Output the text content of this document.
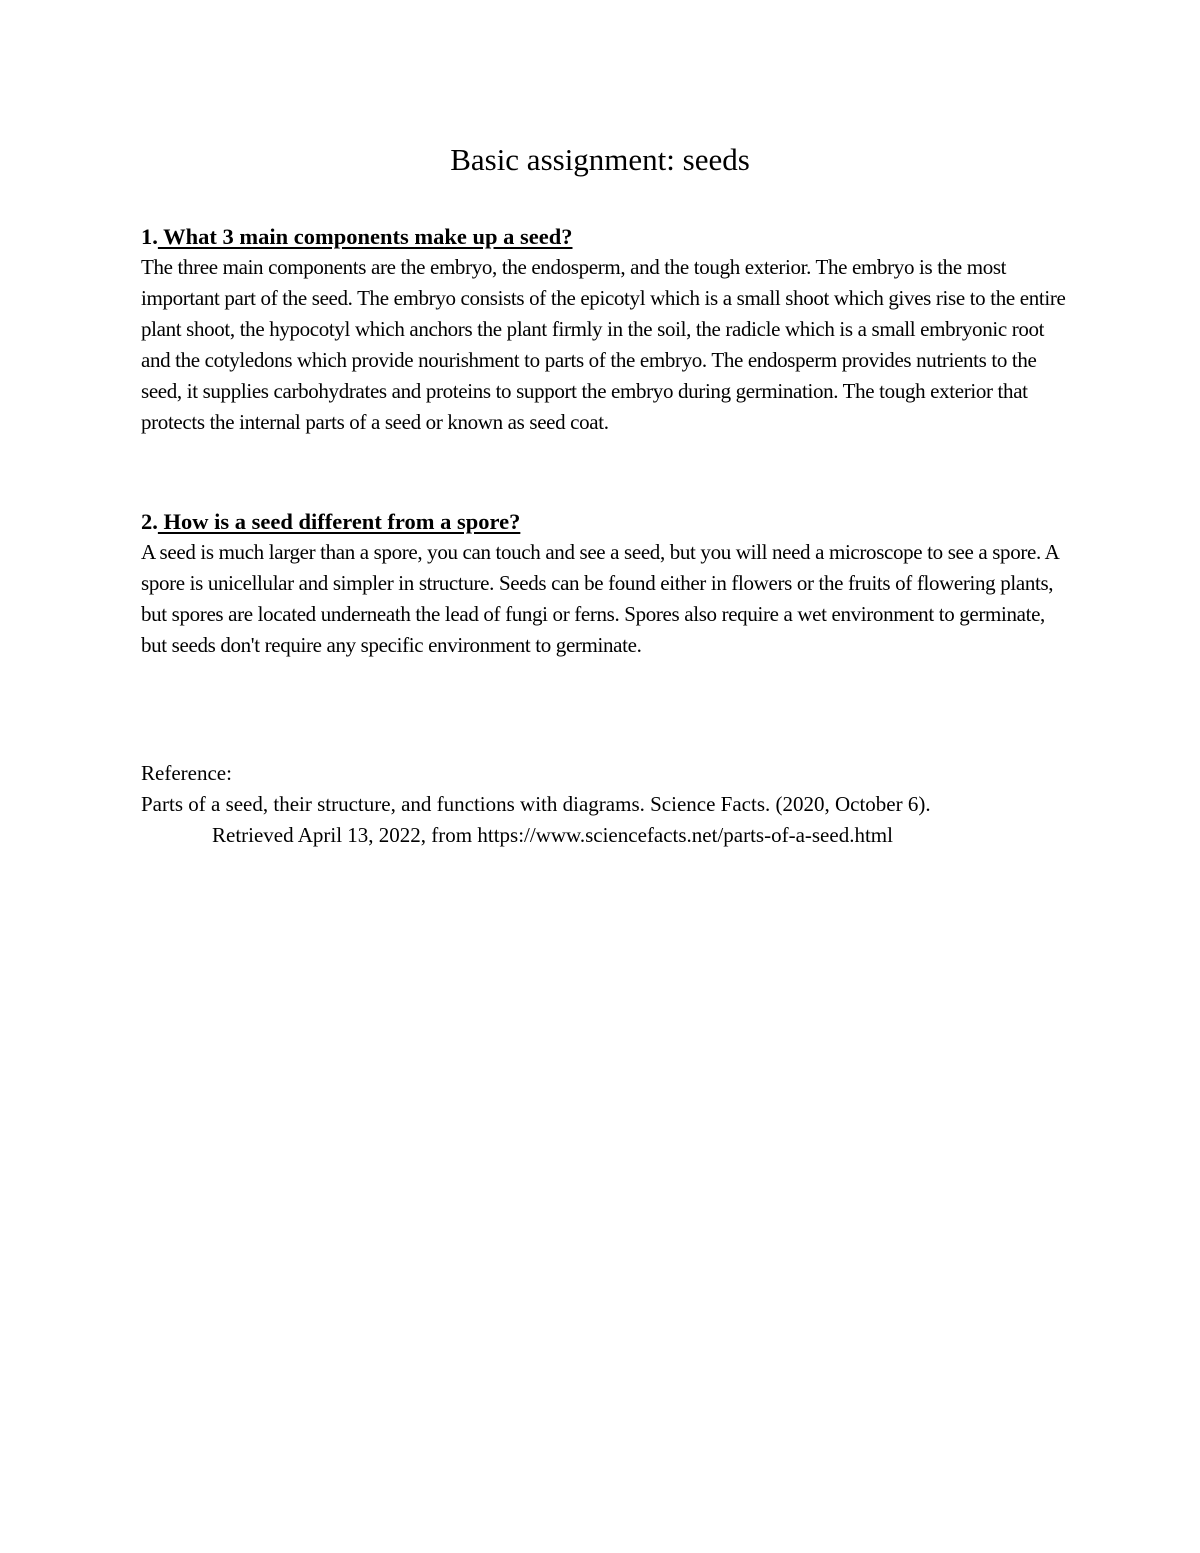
Basic assignment: seeds

1. What 3 main components make up a seed?

The three main components are the embryo, the endosperm, and the tough exterior. The embryo is the most important part of the seed. The embryo consists of the epicotyl which is a small shoot which gives rise to the entire plant shoot, the hypocotyl which anchors the plant firmly in the soil, the radicle which is a small embryonic root and the cotyledons which provide nourishment to parts of the embryo. The endosperm provides nutrients to the seed, it supplies carbohydrates and proteins to support the embryo during germination. The tough exterior that protects the internal parts of a seed or known as seed coat.

2. How is a seed different from a spore?

A seed is much larger than a spore, you can touch and see a seed, but you will need a microscope to see a spore. A spore is unicellular and simpler in structure. Seeds can be found either in flowers or the fruits of flowering plants, but spores are located underneath the lead of fungi or ferns. Spores also require a wet environment to germinate, but seeds don't require any specific environment to germinate.

Reference:

Parts of a seed, their structure, and functions with diagrams. Science Facts. (2020, October 6).

Retrieved April 13, 2022, from https://www.sciencefacts.net/parts-of-a-seed.html
